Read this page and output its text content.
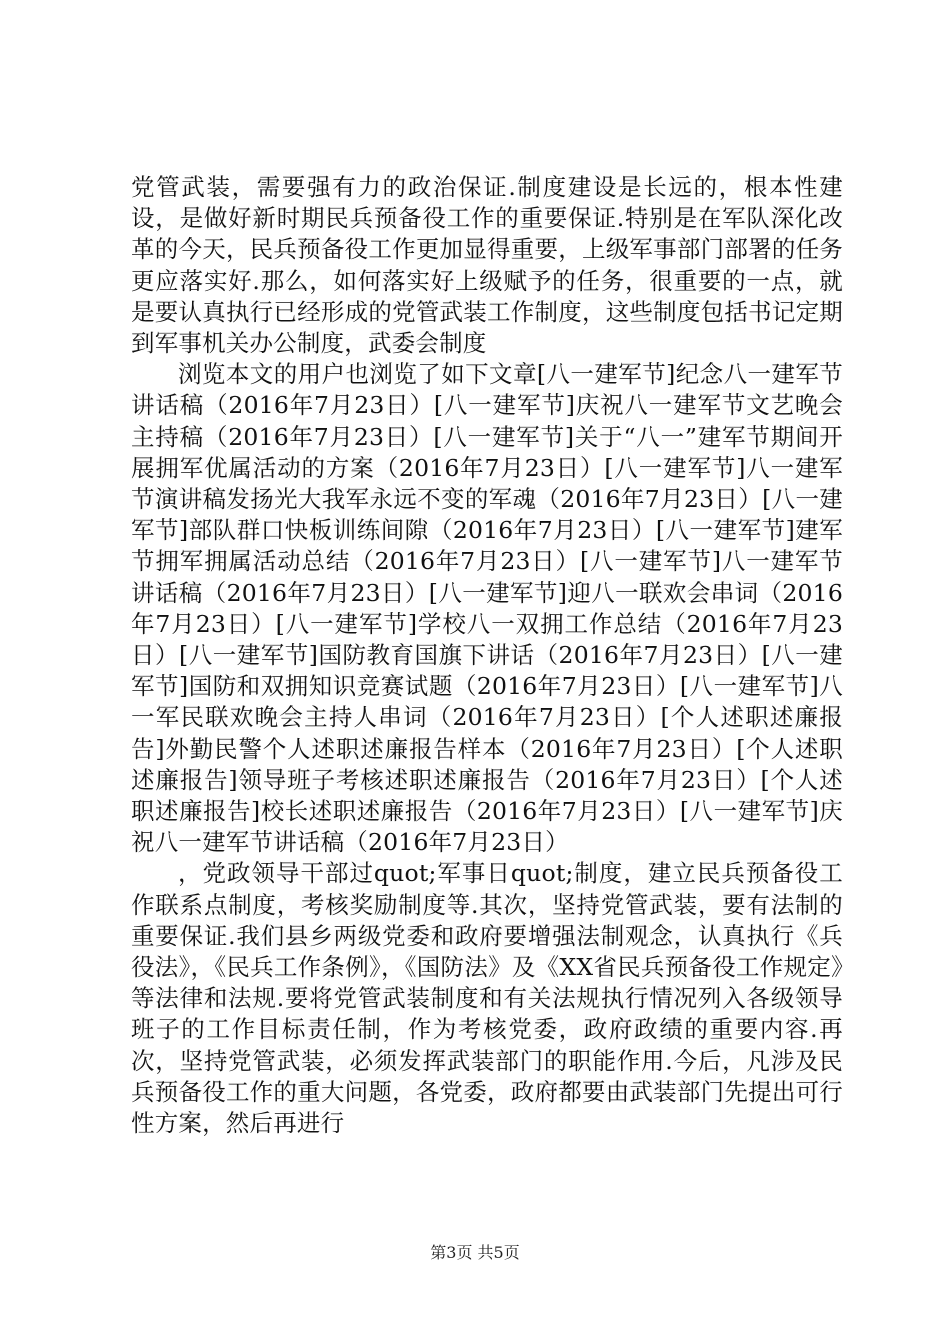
党管武装，需要强有力的政治保证.制度建设是长远的，根本性建设，是做好新时期民兵预备役工作的重要保证.特别是在军队深化改革的今天，民兵预备役工作更加显得重要，上级军事部门部署的任务更应落实好.那么，如何落实好上级赋予的任务，很重要的一点，就是要认真执行已经形成的党管武装工作制度，这些制度包括书记定期到军事机关办公制度，武委会制度

浏览本文的用户也浏览了如下文章[八一建军节]纪念八一建军节讲话稿（2016年7月23日）[八一建军节]庆祝八一建军节文艺晚会主持稿（2016年7月23日）[八一建军节]关于“八一”建军节期间开展拥军优属活动的方案（2016年7月23日）[八一建军节]八一建军节演讲稿发扬光大我军永远不变的军魂（2016年7月23日）[八一建军节]部队群口快板训练间隙（2016年7月23日）[八一建军节]建军节拥军拥属活动总结（2016年7月23日）[八一建军节]八一建军节讲话稿（2016年7月23日）[八一建军节]迎八一联欢会串词（2016年7月23日）[八一建军节]学校八一双拥工作总结（2016年7月23日）[八一建军节]国防教育国旗下讲话（2016年7月23日）[八一建军节]国防和双拥知识竞赛试题（2016年7月23日）[八一建军节]八一军民联欢晚会主持人串词（2016年7月23日）[个人述职述廉报告]外勤民警个人述职述廉报告样本（2016年7月23日）[个人述职述廉报告]领导班子考核述职述廉报告（2016年7月23日）[个人述职述廉报告]校长述职述廉报告（2016年7月23日）[八一建军节]庆祝八一建军节讲话稿（2016年7月23日）

，党政领导干部过quot;军事日quot;制度，建立民兵预备役工作联系点制度，考核奖励制度等.其次，坚持党管武装，要有法制的重要保证.我们县乡两级党委和政府要增强法制观念，认真执行《兵役法》，《民兵工作条例》，《国防法》及《XX省民兵预备役工作规定》等法律和法规.要将党管武装制度和有关法规执行情况列入各级领导班子的工作目标责任制，作为考核党委，政府政绩的重要内容.再次，坚持党管武装，必须发挥武装部门的职能作用.今后，凡涉及民兵预备役工作的重大问题，各党委，政府都要由武装部门先提出可行性方案，然后再进行

第3页 共5页
